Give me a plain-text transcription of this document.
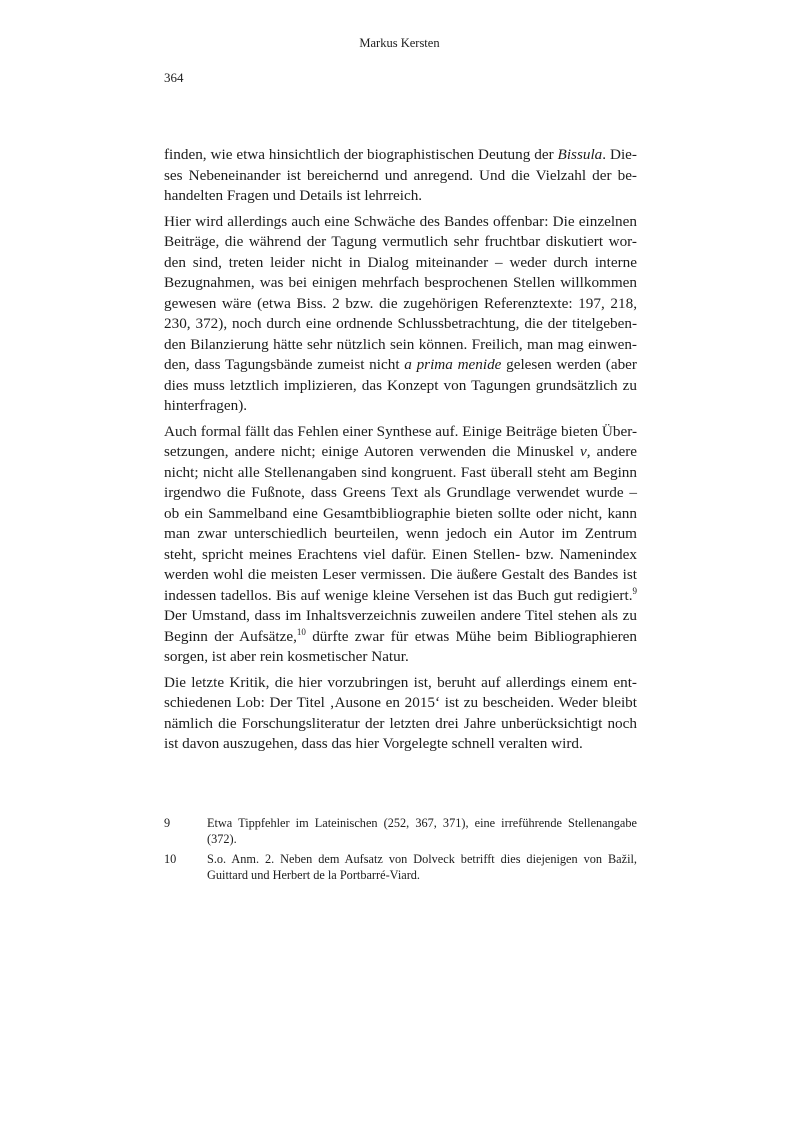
Markus Kersten
364
finden, wie etwa hinsichtlich der biographistischen Deutung der Bissula. Die-
ses Nebeneinander ist bereichernd und anregend. Und die Vielzahl der be-
handelten Fragen und Details ist lehrreich.
Hier wird allerdings auch eine Schwäche des Bandes offenbar: Die einzelnen
Beiträge, die während der Tagung vermutlich sehr fruchtbar diskutiert wor-
den sind, treten leider nicht in Dialog miteinander – weder durch interne
Bezugnahmen, was bei einigen mehrfach besprochenen Stellen willkommen
gewesen wäre (etwa Biss. 2 bzw. die zugehörigen Referenztexte: 197, 218,
230, 372), noch durch eine ordnende Schlussbetrachtung, die der titelgeben-
den Bilanzierung hätte sehr nützlich sein können. Freilich, man mag einwen-
den, dass Tagungsbände zumeist nicht a prima menide gelesen werden (aber
dies muss letztlich implizieren, das Konzept von Tagungen grundsätzlich zu
hinterfragen).
Auch formal fällt das Fehlen einer Synthese auf. Einige Beiträge bieten Über-
setzungen, andere nicht; einige Autoren verwenden die Minuskel v, andere
nicht; nicht alle Stellenangaben sind kongruent. Fast überall steht am Beginn
irgendwo die Fußnote, dass Greens Text als Grundlage verwendet wurde –
ob ein Sammelband eine Gesamtbibliographie bieten sollte oder nicht, kann
man zwar unterschiedlich beurteilen, wenn jedoch ein Autor im Zentrum
steht, spricht meines Erachtens viel dafür. Einen Stellen- bzw. Namenindex
werden wohl die meisten Leser vermissen. Die äußere Gestalt des Bandes ist
indessen tadellos. Bis auf wenige kleine Versehen ist das Buch gut redigiert.$^9$
Der Umstand, dass im Inhaltsverzeichnis zuweilen andere Titel stehen als zu
Beginn der Aufsätze,$^{10}$ dürfte zwar für etwas Mühe beim Bibliographieren
sorgen, ist aber rein kosmetischer Natur.
Die letzte Kritik, die hier vorzubringen ist, beruht auf allerdings einem ent-
schiedenen Lob: Der Titel ‚Ausone en 2015‘ ist zu bescheiden. Weder bleibt
nämlich die Forschungsliteratur der letzten drei Jahre unberücksichtigt noch
ist davon auszugehen, dass das hier Vorgelegte schnell veralten wird.
9	Etwa Tippfehler im Lateinischen (252, 367, 371), eine irreführende Stellenangabe (372).
10	S.o. Anm. 2. Neben dem Aufsatz von Dolveck betrifft dies diejenigen von Bažil, Guittard und Herbert de la Portbarré-Viard.
